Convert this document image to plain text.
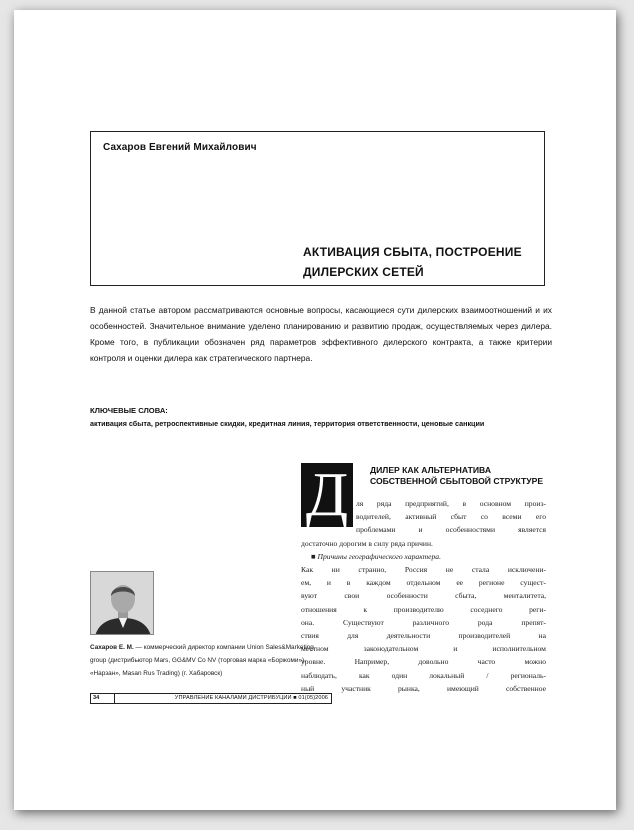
Сахаров Евгений Михайлович
АКТИВАЦИЯ СБЫТА, ПОСТРОЕНИЕ
ДИЛЕРСКИХ СЕТЕЙ

В данной статье автором рассматриваются основные вопросы, касающиеся сути дилерских взаимоотношений и их особенностей. Значительное внимание уделено планированию и развитию продаж, осуществляемых через дилера. Кроме того, в публикации обозначен ряд параметров эффективного дилерского контракта, а также критерии контроля и оценки дилера как стратегического партнера.

КЛЮЧЕВЫЕ СЛОВА:
активация сбыта, ретроспективные скидки, кредитная линия, территория ответственности, ценовые санкции
Д	ДИЛЕР КАК АЛЬТЕРНАТИВА
СОБСТВЕННОЙ СБЫТОВОЙ СТРУКТУРЕ
ля ряда предприятий, в основном произ-
водителей, активный сбыт со всеми его
проблемами и особенностями является
достаточно дорогим в силу ряда причин.
■ Причины географического характера.
Как ни странно, Россия не стала исключени-
ем, и в каждом отдельном ее регионе сущест-
вуют свои особенности сбыта, менталитета,
отношения к производителю соседнего реги-
она. Существуют различного рода препят-
ствия для деятельности производителей на
местном законодательном и исполнительном
уровне. Например, довольно часто можно
наблюдать, как один локальный / региональ-
ный участник рынка, имеющий собственное
Сахаров Е. М. — коммерческий директор компании Union Sales&Marketing group (дистрибьютор Mars, GG&MV Co NV (торговая марка «Боржоми»), «Нарзан», Masan Rus Trading) (г. Хабаровск)
34	УПРАВЛЕНИЕ КАНАЛАМИ ДИСТРИБУЦИИ ■ 01(05)2006
